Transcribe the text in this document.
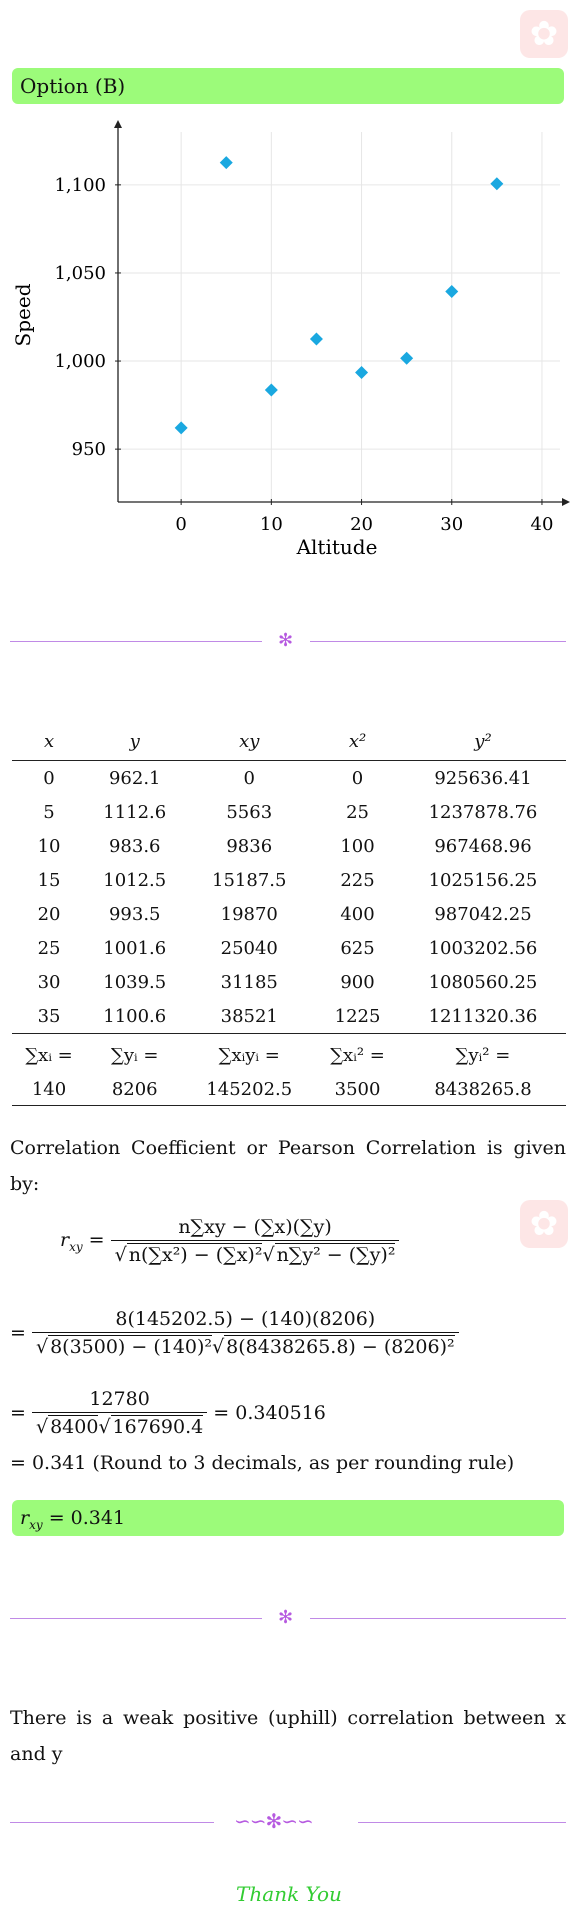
✿
✿
Option (B)
0	10	20	30	40
950
1,000
1,050
1,100
Altitude
Speed
✻
x	y	xy	x²	y²
0	962.1	0	0	925636.41
5	1112.6	5563	25	1237878.76
10	983.6	9836	100	967468.96
15	1012.5	15187.5	225	1025156.25
20	993.5	19870	400	987042.25
25	1001.6	25040	625	1003202.56
30	1039.5	31185	900	1080560.25
35	1100.6	38521	1225	1211320.36
∑xᵢ =	∑yᵢ =	∑xᵢyᵢ =	∑xᵢ² =	∑yᵢ² =
140	8206	145202.5	3500	8438265.8
Correlation Coefficient or Pearson Correlation is given by:
$r_{xy} = \frac{n\sum xy - (\sum x)(\sum y)}{\text{√ n(∑x²) − (∑x)²√ n∑y² − (∑y)²}}$
= $\frac{8(145202.5) - (140)(8206)}{\text{√ 8(3500) − (140)²√ 8(8438265.8) − (8206)²}}$
= $\frac{12780}{√ 8400√ 167690.4} = 0.340516$
= 0.341 (Round to 3 decimals, as per rounding rule)
$r_{xy} = 0.341$
✻
There is a weak positive (uphill) correlation between x and y
∽∽✻∽∽
Thank You
